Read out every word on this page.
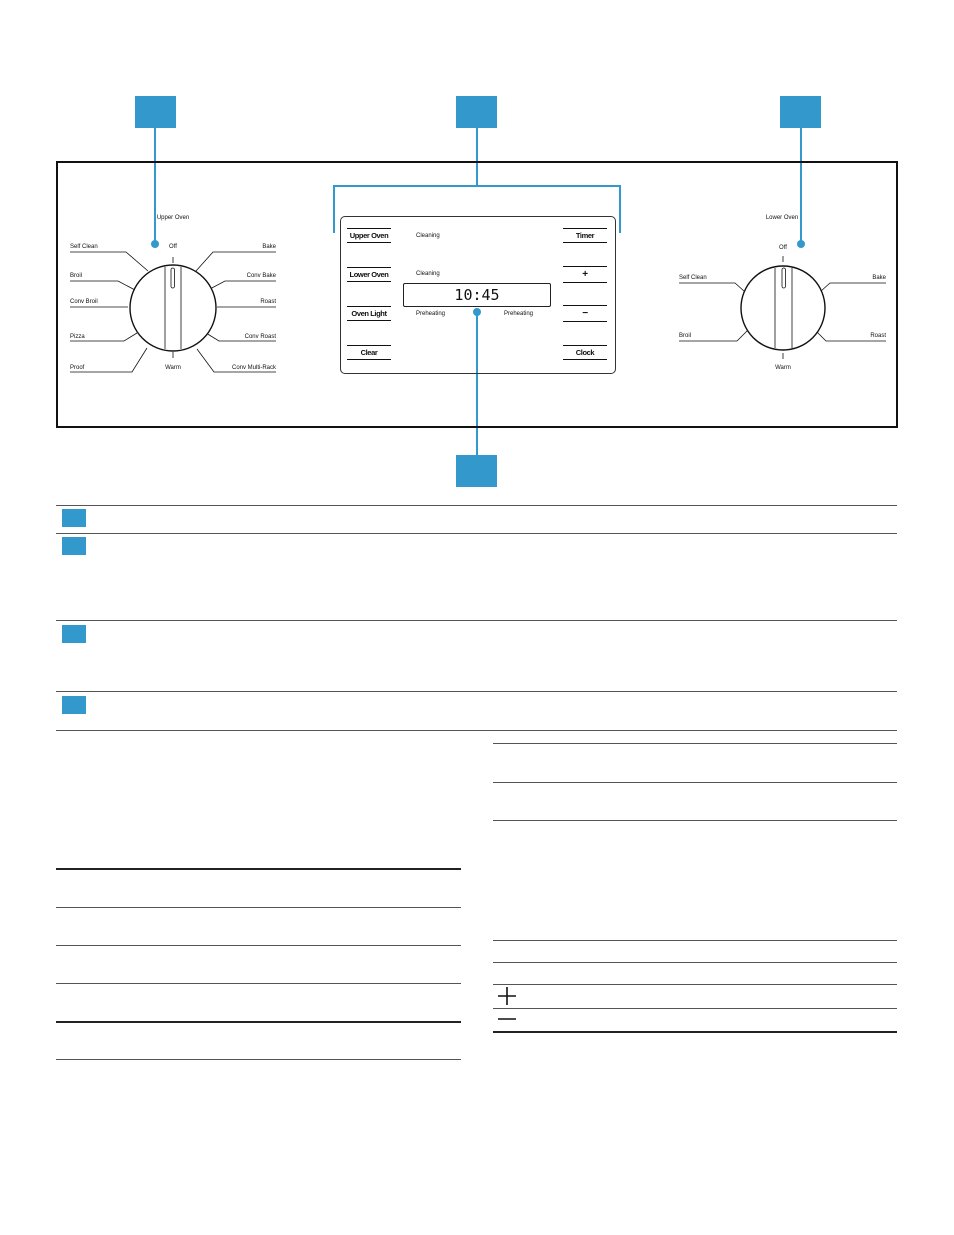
Upper Oven
Self Clean
Broil
Conv Broil
Pizza
Proof
Off
Warm
Bake
Conv Bake
Roast
Conv Roast
Conv Multi-Rack
Upper Oven
Lower Oven
Oven Light
Clear
Timer
+
−
Clock
Cleaning
Cleaning
Preheating	Preheating
10:45
Lower Oven
Off
Self Clean
Broil
Bake
Roast
Warm
